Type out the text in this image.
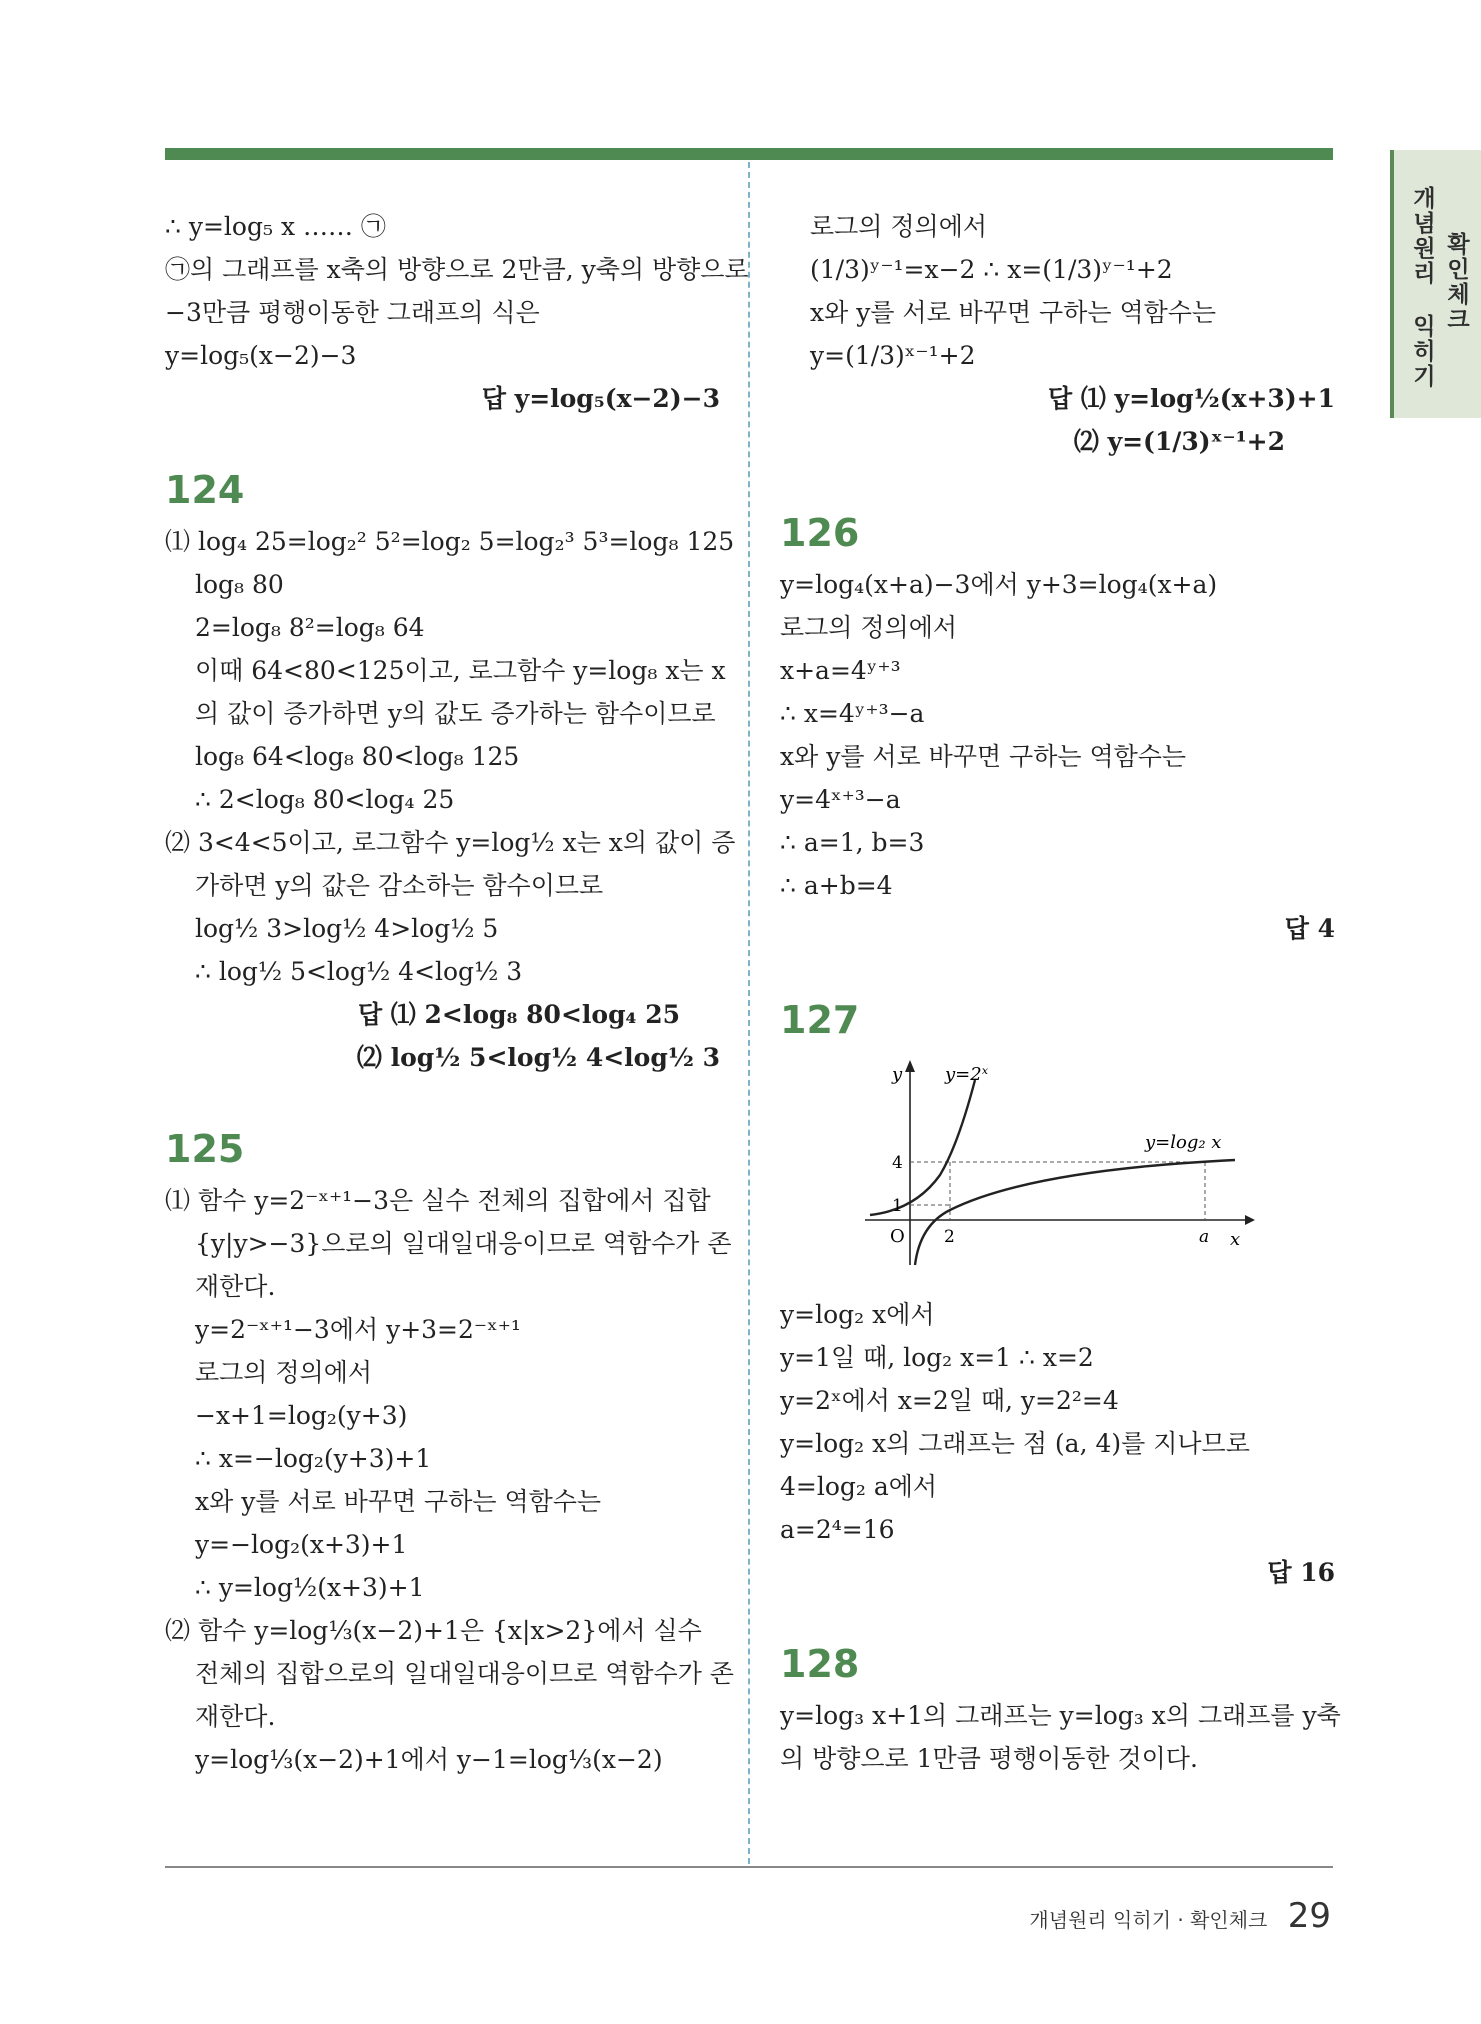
개념원리 익히기 확인체크

∴ y=log₅ x …… ㉠

㉠의 그래프를 x축의 방향으로 2만큼, y축의 방향으로

−3만큼 평행이동한 그래프의 식은

y=log₅(x−2)−3

답 y=log₅(x−2)−3

124

⑴ log₄ 25=log₂² 5²=log₂ 5=log₂³ 5³=log₈ 125

log₈ 80

2=log₈ 8²=log₈ 64

이때 64<80<125이고, 로그함수 y=log₈ x는 x

의 값이 증가하면 y의 값도 증가하는 함수이므로

log₈ 64<log₈ 80<log₈ 125

∴ 2<log₈ 80<log₄ 25

⑵ 3<4<5이고, 로그함수 y=log½ x는 x의 값이 증

가하면 y의 값은 감소하는 함수이므로

log½ 3>log½ 4>log½ 5

∴ log½ 5<log½ 4<log½ 3

답 ⑴ 2<log₈ 80<log₄ 25

⑵ log½ 5<log½ 4<log½ 3

125

⑴ 함수 y=2⁻ˣ⁺¹−3은 실수 전체의 집합에서 집합

{y|y>−3}으로의 일대일대응이므로 역함수가 존

재한다.

y=2⁻ˣ⁺¹−3에서 y+3=2⁻ˣ⁺¹

로그의 정의에서

−x+1=log₂(y+3)

∴ x=−log₂(y+3)+1

x와 y를 서로 바꾸면 구하는 역함수는

y=−log₂(x+3)+1

∴ y=log½(x+3)+1

⑵ 함수 y=log⅓(x−2)+1은 {x|x>2}에서 실수

전체의 집합으로의 일대일대응이므로 역함수가 존

재한다.

y=log⅓(x−2)+1에서 y−1=log⅓(x−2)

로그의 정의에서

(1/3)ʸ⁻¹=x−2 ∴ x=(1/3)ʸ⁻¹+2

x와 y를 서로 바꾸면 구하는 역함수는

y=(1/3)ˣ⁻¹+2

답 ⑴ y=log½(x+3)+1

⑵ y=(1/3)ˣ⁻¹+2

126

y=log₄(x+a)−3에서 y+3=log₄(x+a)

로그의 정의에서

x+a=4ʸ⁺³

∴ x=4ʸ⁺³−a

x와 y를 서로 바꾸면 구하는 역함수는

y=4ˣ⁺³−a

∴ a=1, b=3

∴ a+b=4

답 4

127

y
x
O
y=2ˣ
y=log₂ x
4
1
2	a

y=log₂ x에서

y=1일 때, log₂ x=1 ∴ x=2

y=2ˣ에서 x=2일 때, y=2²=4

y=log₂ x의 그래프는 점 (a, 4)를 지나므로

4=log₂ a에서

a=2⁴=16

답 16

128

y=log₃ x+1의 그래프는 y=log₃ x의 그래프를 y축

의 방향으로 1만큼 평행이동한 것이다.

개념원리 익히기 · 확인체크 29
